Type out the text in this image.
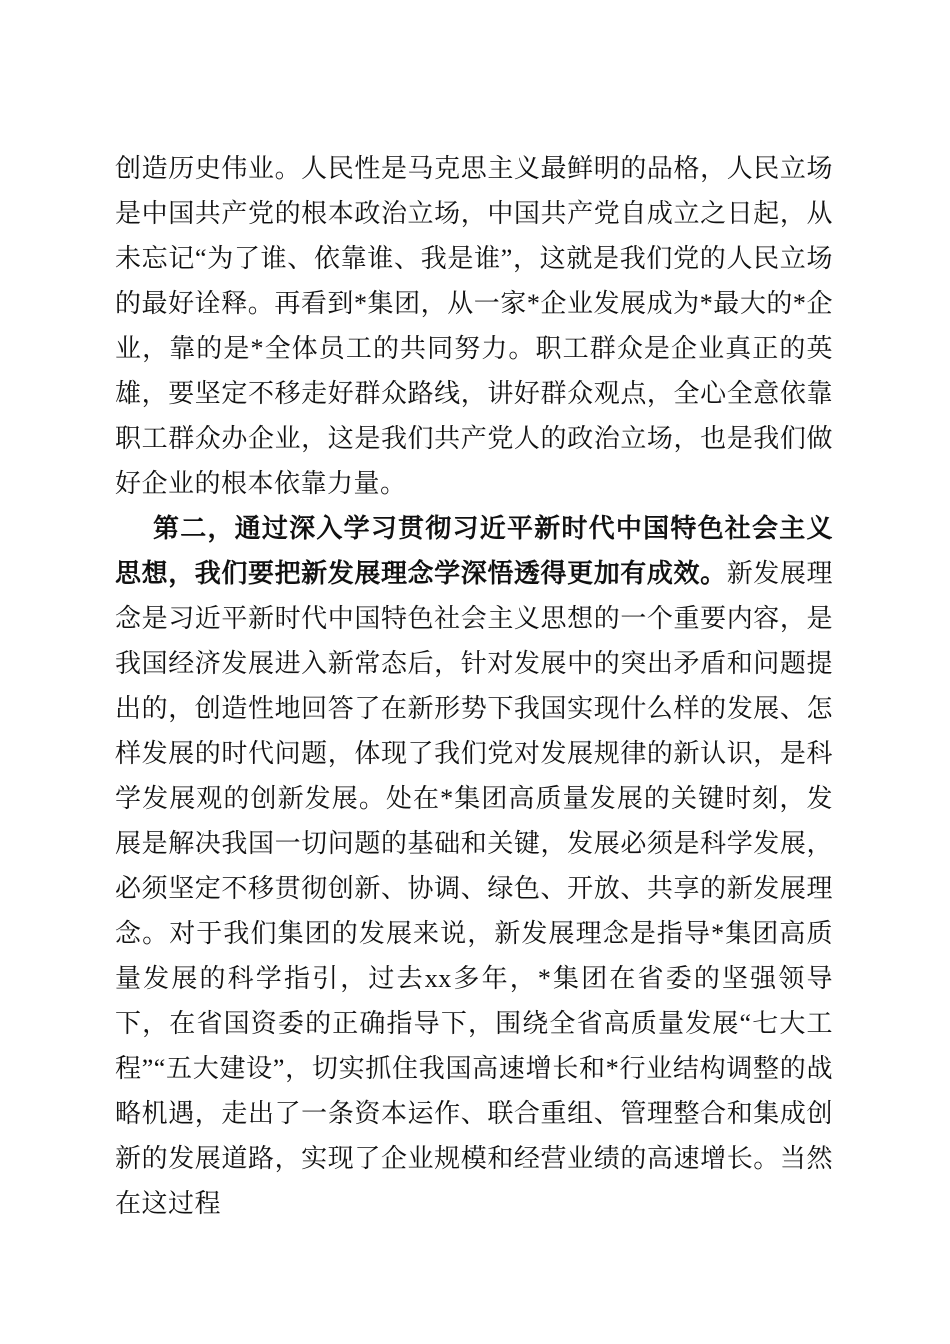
创造历史伟业。人民性是马克思主义最鲜明的品格，人民立场是中国共产党的根本政治立场，中国共产党自成立之日起，从未忘记“为了谁、依靠谁、我是谁”，这就是我们党的人民立场的最好诠释。再看到*集团，从一家*企业发展成为*最大的*企业，靠的是*全体员工的共同努力。职工群众是企业真正的英雄，要坚定不移走好群众路线，讲好群众观点，全心全意依靠职工群众办企业，这是我们共产党人的政治立场，也是我们做好企业的根本依靠力量。

第二，通过深入学习贯彻习近平新时代中国特色社会主义思想，我们要把新发展理念学深悟透得更加有成效。新发展理念是习近平新时代中国特色社会主义思想的一个重要内容，是我国经济发展进入新常态后，针对发展中的突出矛盾和问题提出的，创造性地回答了在新形势下我国实现什么样的发展、怎样发展的时代问题，体现了我们党对发展规律的新认识，是科学发展观的创新发展。处在*集团高质量发展的关键时刻，发展是解决我国一切问题的基础和关键，发展必须是科学发展，必须坚定不移贯彻创新、协调、绿色、开放、共享的新发展理念。对于我们集团的发展来说，新发展理念是指导*集团高质量发展的科学指引，过去xx多年，*集团在省委的坚强领导下，在省国资委的正确指导下，围绕全省高质量发展“七大工程”“五大建设”，切实抓住我国高速增长和*行业结构调整的战略机遇，走出了一条资本运作、联合重组、管理整合和集成创新的发展道路，实现了企业规模和经营业绩的高速增长。当然在这过程
